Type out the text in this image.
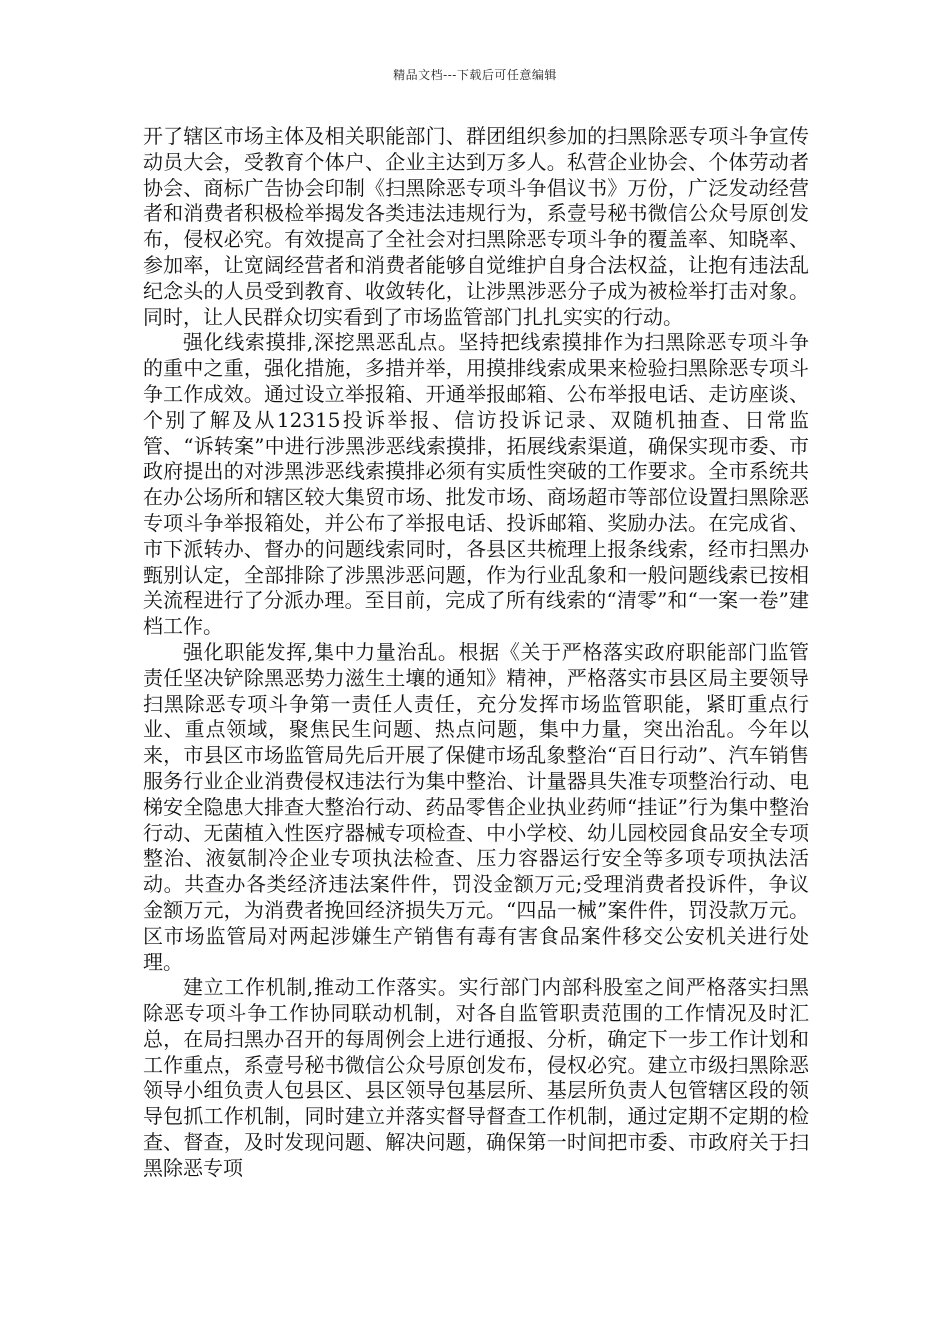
精品文档---下载后可任意编辑

开了辖区市场主体及相关职能部门、群团组织参加的扫黑除恶专项斗争宣传动员大会，受教育个体户、企业主达到万多人。私营企业协会、个体劳动者协会、商标广告协会印制《扫黑除恶专项斗争倡议书》万份，广泛发动经营者和消费者积极检举揭发各类违法违规行为，系壹号秘书微信公众号原创发布，侵权必究。有效提高了全社会对扫黑除恶专项斗争的覆盖率、知晓率、参加率，让宽阔经营者和消费者能够自觉维护自身合法权益，让抱有违法乱纪念头的人员受到教育、收敛转化，让涉黑涉恶分子成为被检举打击对象。同时，让人民群众切实看到了市场监管部门扎扎实实的行动。

强化线索摸排,深挖黑恶乱点。坚持把线索摸排作为扫黑除恶专项斗争的重中之重，强化措施，多措并举，用摸排线索成果来检验扫黑除恶专项斗争工作成效。通过设立举报箱、开通举报邮箱、公布举报电话、走访座谈、个别了解及从12315投诉举报、信访投诉记录、双随机抽查、日常监管、“诉转案”中进行涉黑涉恶线索摸排，拓展线索渠道，确保实现市委、市政府提出的对涉黑涉恶线索摸排必须有实质性突破的工作要求。全市系统共在办公场所和辖区较大集贸市场、批发市场、商场超市等部位设置扫黑除恶专项斗争举报箱处，并公布了举报电话、投诉邮箱、奖励办法。在完成省、市下派转办、督办的问题线索同时，各县区共梳理上报条线索，经市扫黑办甄别认定，全部排除了涉黑涉恶问题，作为行业乱象和一般问题线索已按相关流程进行了分派办理。至目前，完成了所有线索的“清零”和“一案一卷”建档工作。

强化职能发挥,集中力量治乱。根据《关于严格落实政府职能部门监管责任坚决铲除黑恶势力滋生土壤的通知》精神，严格落实市县区局主要领导扫黑除恶专项斗争第一责任人责任，充分发挥市场监管职能，紧盯重点行业、重点领域，聚焦民生问题、热点问题，集中力量，突出治乱。今年以来，市县区市场监管局先后开展了保健市场乱象整治“百日行动”、汽车销售服务行业企业消费侵权违法行为集中整治、计量器具失准专项整治行动、电梯安全隐患大排查大整治行动、药品零售企业执业药师“挂证”行为集中整治行动、无菌植入性医疗器械专项检查、中小学校、幼儿园校园食品安全专项整治、液氨制冷企业专项执法检查、压力容器运行安全等多项专项执法活动。共查办各类经济违法案件件，罚没金额万元;受理消费者投诉件，争议金额万元，为消费者挽回经济损失万元。“四品一械”案件件，罚没款万元。区市场监管局对两起涉嫌生产销售有毒有害食品案件移交公安机关进行处理。

建立工作机制,推动工作落实。实行部门内部科股室之间严格落实扫黑除恶专项斗争工作协同联动机制，对各自监管职责范围的工作情况及时汇总，在局扫黑办召开的每周例会上进行通报、分析，确定下一步工作计划和工作重点，系壹号秘书微信公众号原创发布，侵权必究。建立市级扫黑除恶领导小组负责人包县区、县区领导包基层所、基层所负责人包管辖区段的领导包抓工作机制，同时建立并落实督导督查工作机制，通过定期不定期的检查、督查，及时发现问题、解决问题，确保第一时间把市委、市政府关于扫黑除恶专项
